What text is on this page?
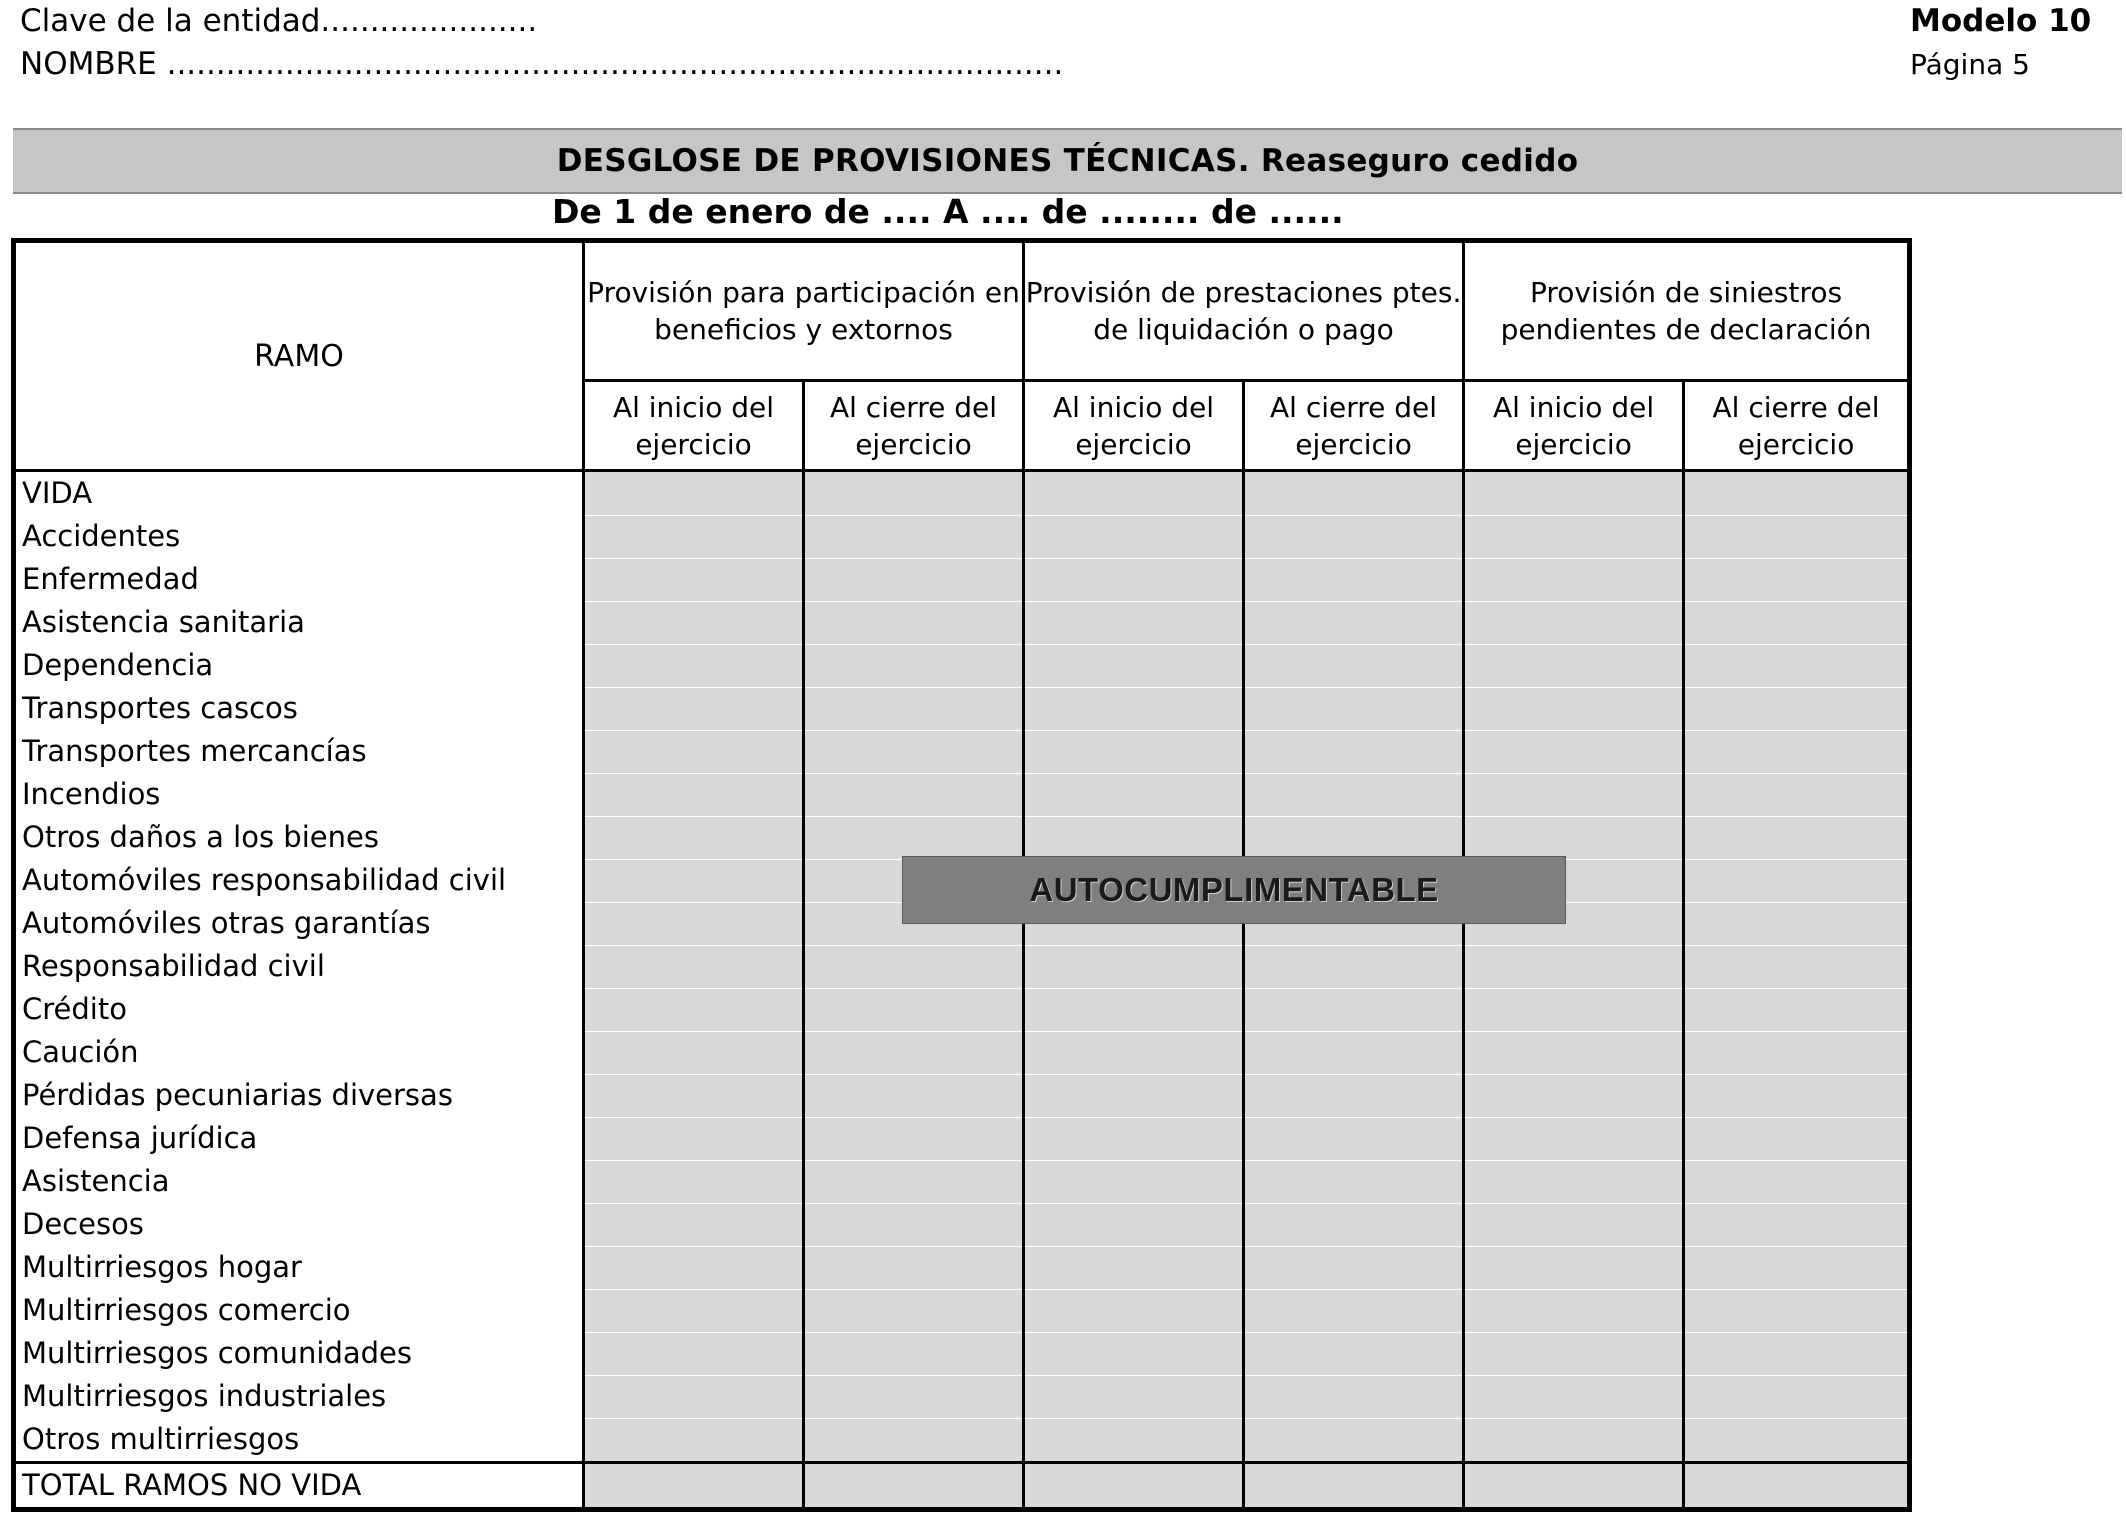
Clave de la entidad......................
NOMBRE ...........................................................................................
Modelo 10
Página 5
DESGLOSE DE PROVISIONES TÉCNICAS. Reaseguro cedido
De 1 de enero de .... A .... de ........ de ......
RAMO	Provisión para participación en beneficios y extornos		Provisión de prestaciones ptes. de liquidación o pago		Provisión de siniestros pendientes de declaración	
	Al inicio del ejercicio	Al cierre del ejercicio	Al inicio del ejercicio	Al cierre del ejercicio	Al inicio del ejercicio	Al cierre del ejercicio
VIDA						
Accidentes						
Enfermedad						
Asistencia sanitaria						
Dependencia						
Transportes cascos						
Transportes mercancías						
Incendios						
Otros daños a los bienes						
Automóviles responsabilidad civil						
Automóviles otras garantías						
Responsabilidad civil						
Crédito						
Caución						
Pérdidas pecuniarias diversas						
Defensa jurídica						
Asistencia						
Decesos						
Multirriesgos hogar						
Multirriesgos comercio						
Multirriesgos comunidades						
Multirriesgos industriales						
Otros multirriesgos						
TOTAL RAMOS NO VIDA						
AUTOCUMPLIMENTABLE
